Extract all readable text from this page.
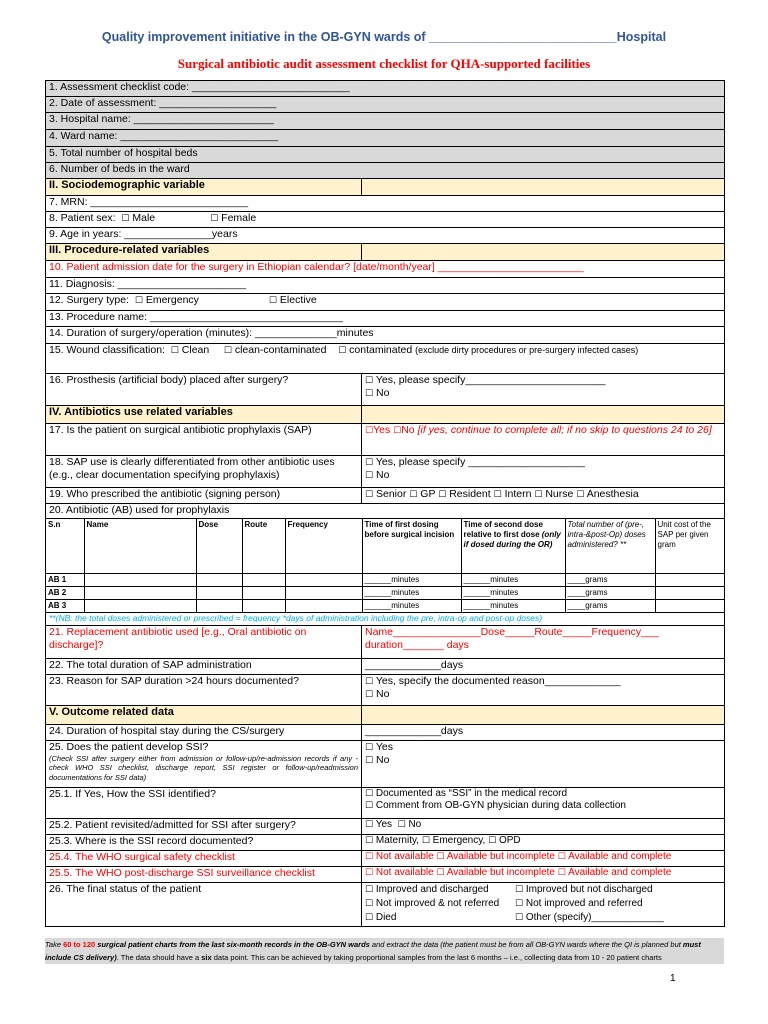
Quality improvement initiative in the OB-GYN wards of ___________________________Hospital
Surgical antibiotic audit assessment checklist for QHA-supported facilities
1. Assessment checklist code: ___________________________
2. Date of assessment: ____________________
3. Hospital name: ________________________
4. Ward name: ___________________________
5. Total number of hospital beds
6. Number of beds in the ward
II. Sociodemographic variable	
7. MRN: ___________________________
8. Patient sex: ☐ Male	☐ Female
9. Age in years: _______________years
III. Procedure-related variables	
10. Patient admission date for the surgery in Ethiopian calendar? [date/month/year] _________________________
11. Diagnosis: ______________________
12. Surgery type: ☐ Emergency	☐ Elective
13. Procedure name: _________________________________
14. Duration of surgery/operation (minutes): ______________minutes
15. Wound classification: ☐ Clean ☐ clean-contaminated ☐ contaminated (exclude dirty procedures or pre-surgery infected cases)
16. Prosthesis (artificial body) placed after surgery?	☐ Yes, please specify________________________
☐ No
IV. Antibiotics use related variables	
17. Is the patient on surgical antibiotic prophylaxis (SAP)	☐Yes ☐No [if yes, continue to complete all; if no skip to questions 24 to 26]
18. SAP use is clearly differentiated from other antibiotic uses (e.g., clear documentation specifying prophylaxis)	☐ Yes, please specify ____________________
☐ No
19. Who prescribed the antibiotic (signing person)	☐ Senior ☐ GP ☐ Resident ☐ Intern ☐ Nurse ☐ Anesthesia
20. Antibiotic (AB) used for prophylaxis

S.n	Name	Dose	Route	Frequency	Time of first dosing before surgical incision	Time of second dose relative to first dose (only if dosed during the OR)	Total number of (pre-, intra-&post-Op) doses administered? **	Unit cost of the SAP per given gram
AB 1					______minutes	______minutes	____grams	
AB 2					______minutes	______minutes	____grams	
AB 3					______minutes	______minutes	____grams	

**(NB: the total doses administered or prescribed = frequency *days of administration including the pre, intra-op and post-op doses)
21. Replacement antibiotic used [e.g., Oral antibiotic on discharge]?	Name_______________Dose_____Route_____Frequency___ duration_______ days
22. The total duration of SAP administration	_____________days
23. Reason for SAP duration >24 hours documented?	☐ Yes, specify the documented reason_____________
☐ No
V. Outcome related data	
24. Duration of hospital stay during the CS/surgery	_____________days

25. Does the patient develop SSI?
(Check SSI after surgery either from admission or follow-up/re-admission records if any - check WHO SSI checklist, discharge report, SSI register or follow-up/readmission documentations for SSI data)
	☐ Yes
☐ No
25.1. If Yes, How the SSI identified?	☐ Documented as “SSI” in the medical record
☐ Comment from OB-GYN physician during data collection
25.2. Patient revisited/admitted for SSI after surgery?	☐ Yes ☐ No
25.3. Where is the SSI record documented?	☐ Maternity, ☐ Emergency, ☐ OPD
25.4. The WHO surgical safety checklist	☐ Not available ☐ Available but incomplete ☐ Available and complete
25.5. The WHO post-discharge SSI surveillance checklist	☐ Not available ☐ Available but incomplete ☐ Available and complete
26. The final status of the patient	☐ Improved and discharged	☐ Improved but not discharged
☐ Not improved & not referred	☐ Not improved and referred
☐ Died	☐ Other (specify)_____________
Take 60 to 120 surgical patient charts from the last six-month records in the OB-GYN wards and extract the data (the patient must be from all OB-GYN wards where the QI is planned but must include CS delivery). The data should have a six data point. This can be achieved by taking proportional samples from the last 6 months – i.e., collecting data from 10 - 20 patient charts
1
